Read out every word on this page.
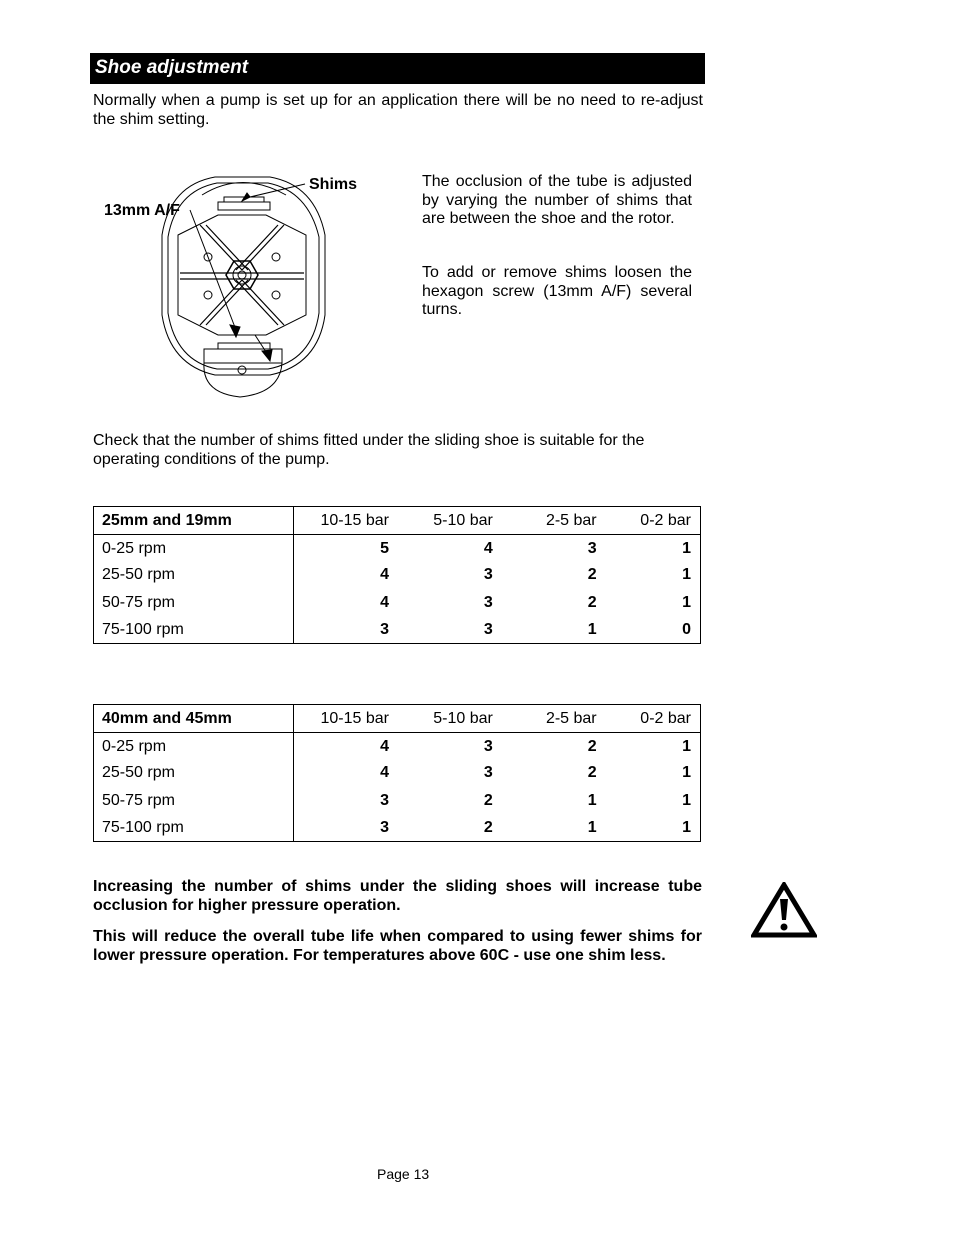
Shoe adjustment
Normally when a pump is set up for an application there will be no need to re-adjust the shim setting.
Shims
13mm A/F
The occlusion of the tube is adjusted by varying the number of shims that are between the shoe and the rotor.
To add or remove shims loosen the hexagon screw (13mm A/F) several turns.
Check that the number of shims fitted under the sliding shoe is suitable for the operating conditions of the pump.
25mm and 19mm	10-15 bar	5-10 bar	2-5 bar	0-2 bar
0-25 rpm	5	4	3	1
25-50 rpm	4	3	2	1
50-75 rpm	4	3	2	1
75-100 rpm	3	3	1	0
40mm and 45mm	10-15 bar	5-10 bar	2-5 bar	0-2 bar
0-25 rpm	4	3	2	1
25-50 rpm	4	3	2	1
50-75 rpm	3	2	1	1
75-100 rpm	3	2	1	1
Increasing the number of shims under the sliding shoes will increase tube occlusion for higher pressure operation.
This will reduce the overall tube life when compared to using fewer shims for lower pressure operation. For temperatures above 60C - use one shim less.
Page 13
